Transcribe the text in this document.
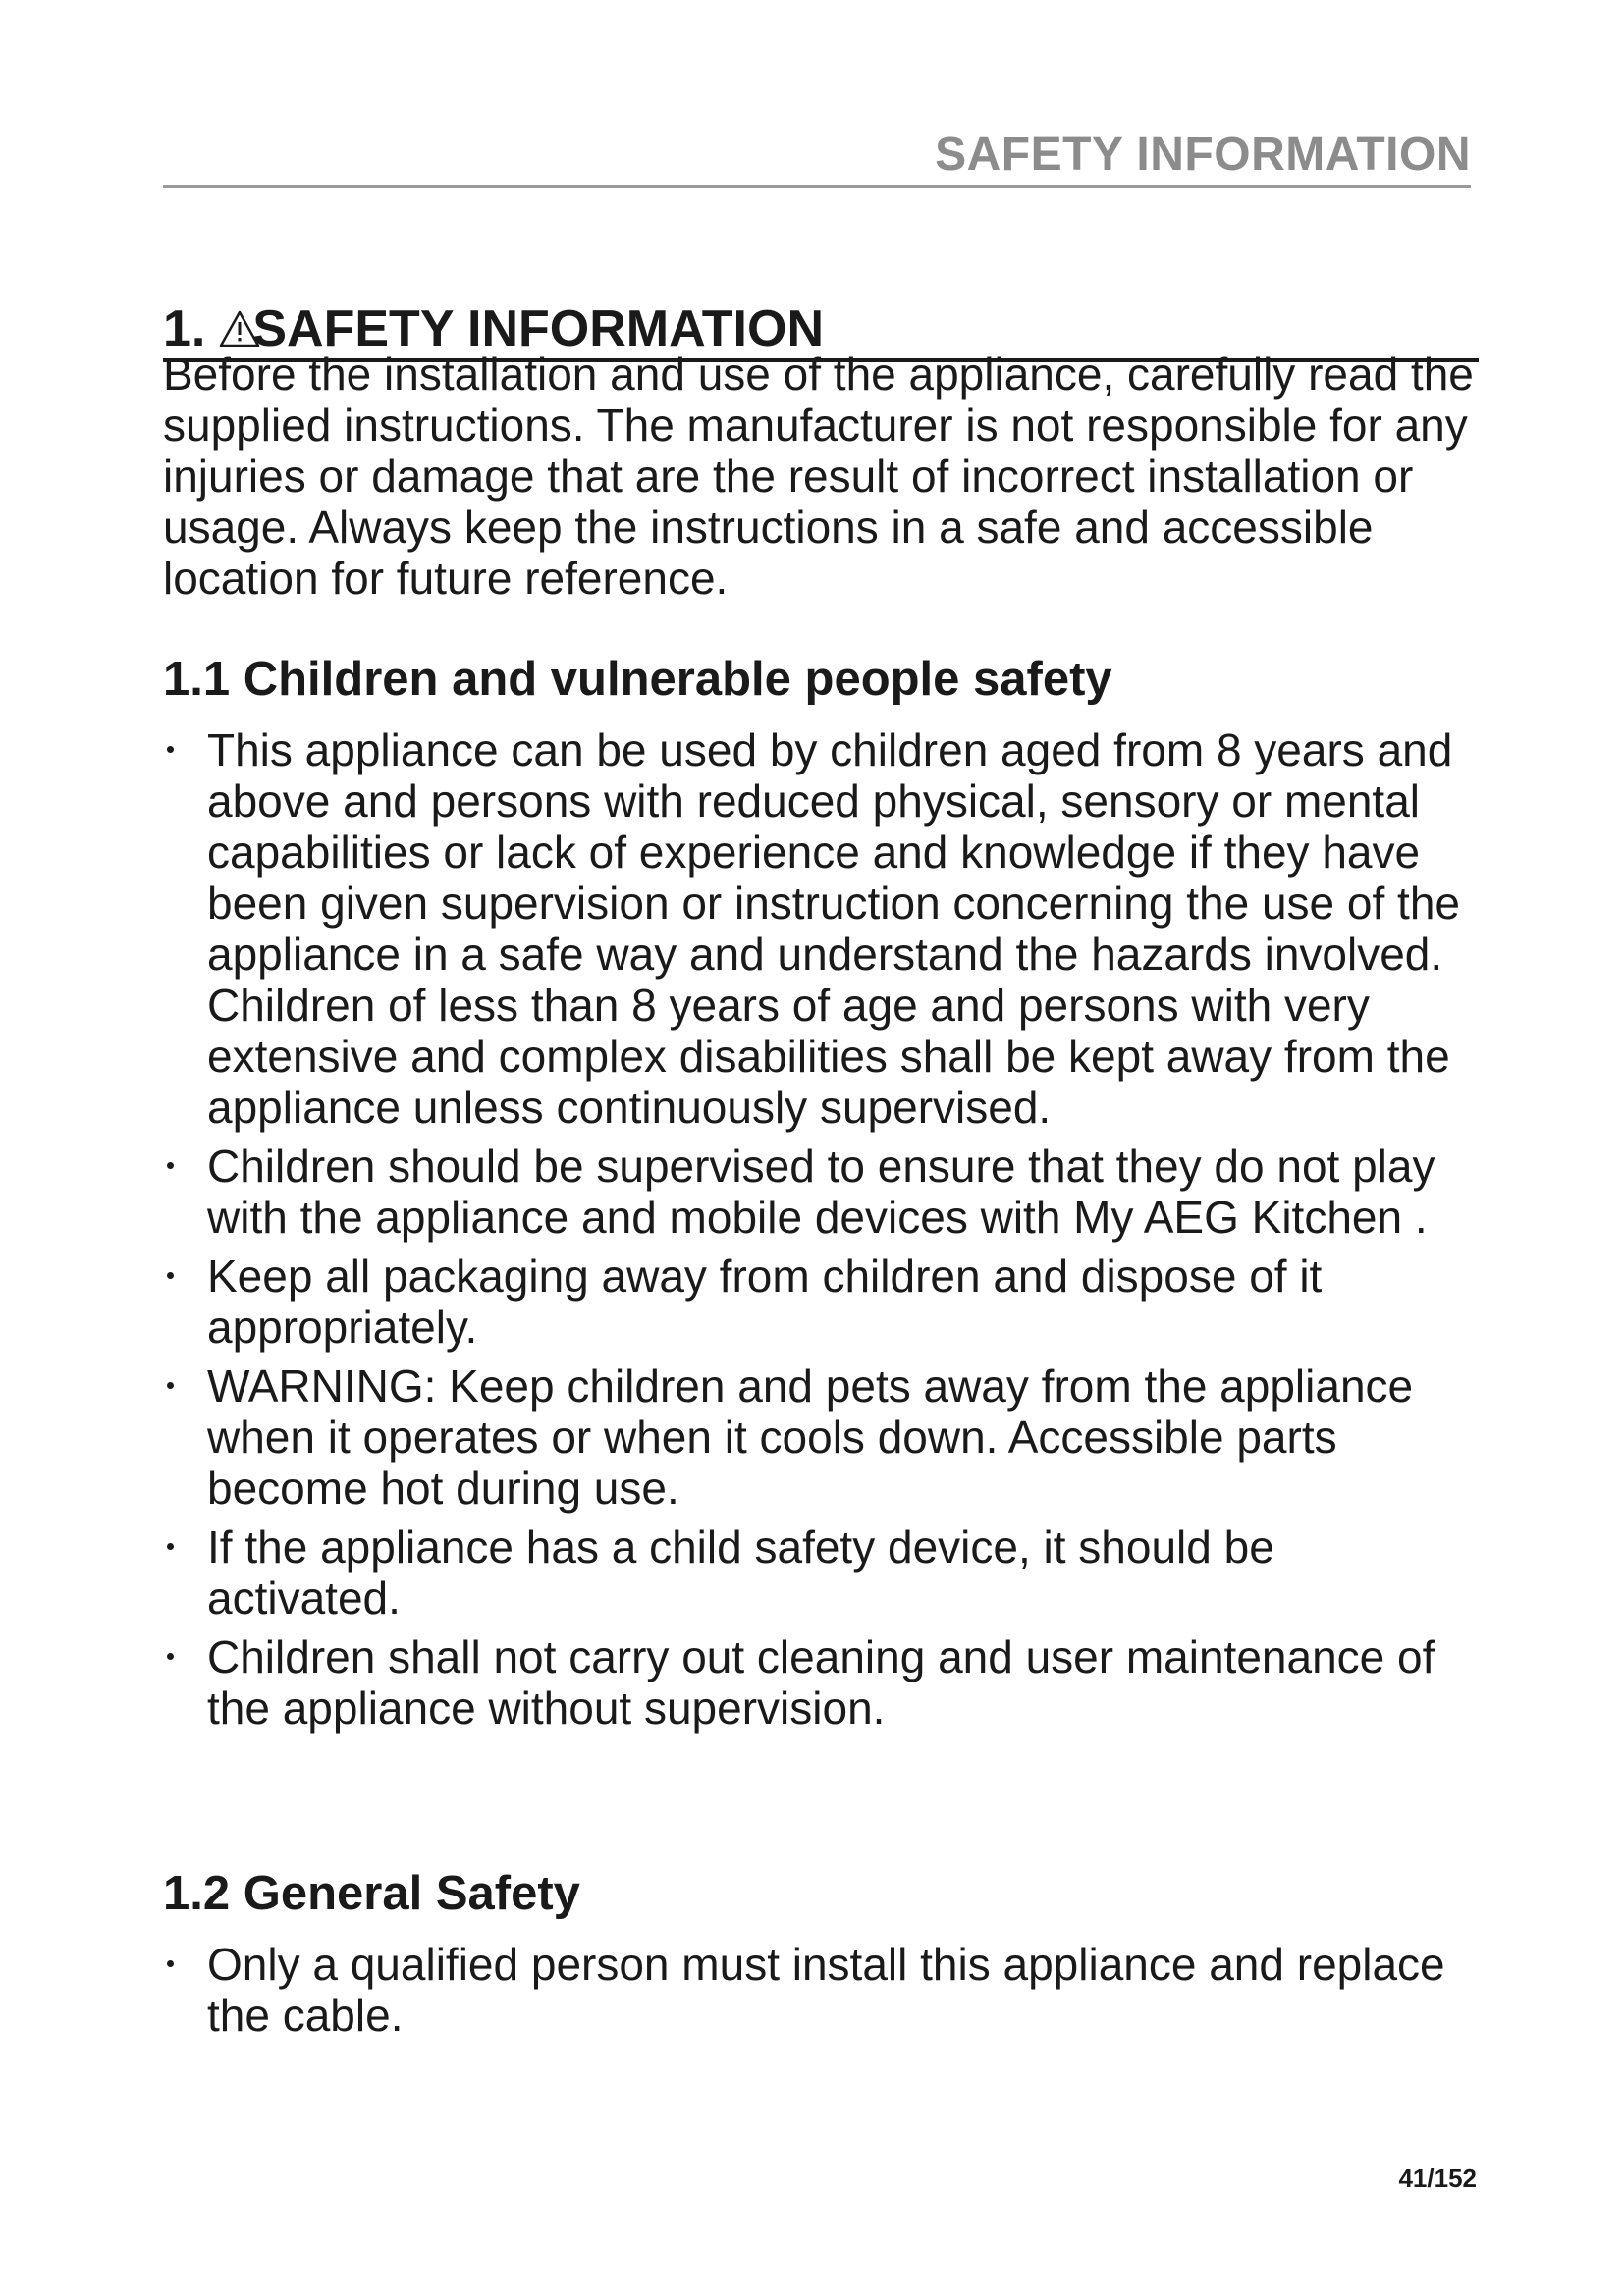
SAFETY INFORMATION
1. SAFETY INFORMATION

Before the installation and use of the appliance, carefully read the supplied instructions. The manufacturer is not responsible for any injuries or damage that are the result of incorrect installation or usage. Always keep the instructions in a safe and accessible location for future reference.

1.1 Children and vulnerable people safety
This appliance can be used by children aged from 8 years and above and persons with reduced physical, sensory or mental capabilities or lack of experience and knowledge if they have been given supervision or instruction concerning the use of the appliance in a safe way and understand the hazards involved. Children of less than 8 years of age and persons with very extensive and complex disabilities shall be kept away from the appliance unless continuously supervised.
Children should be supervised to ensure that they do not play with the appliance and mobile devices with My AEG Kitchen .
Keep all packaging away from children and dispose of it appropriately.
WARNING: Keep children and pets away from the appliance when it operates or when it cools down. Accessible parts become hot during use.
If the appliance has a child safety device, it should be activated.
Children shall not carry out cleaning and user maintenance of the appliance without supervision.
1.2 General Safety
Only a qualified person must install this appliance and replace the cable.
41/152
